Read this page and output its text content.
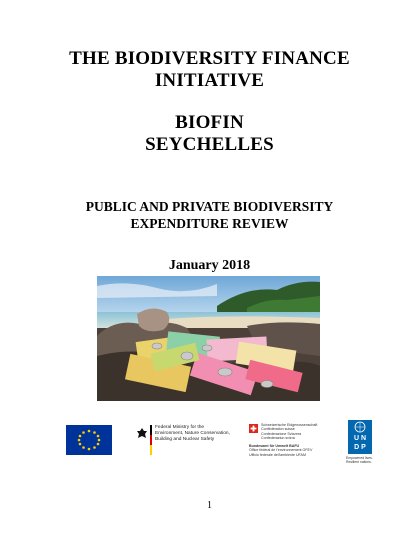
THE BIODIVERSITY FINANCE
INITIATIVE
BIOFIN
SEYCHELLES
PUBLIC AND PRIVATE BIODIVERSITY
EXPENDITURE REVIEW
January 2018
Federal Ministry for the
Environment, Nature Conservation,
Building and Nuclear Safety
Schweizerische Eidgenossenschaft
Confédération suisse
Confederazione Svizzera
Confederaziun svizra
Bundesamt für Umwelt BAFU
Office fédéral de l'environnement OFEV
Ufficio federale dell'ambiente UFAM
U N
D P
Empowered lives.
Resilient nations.
1
